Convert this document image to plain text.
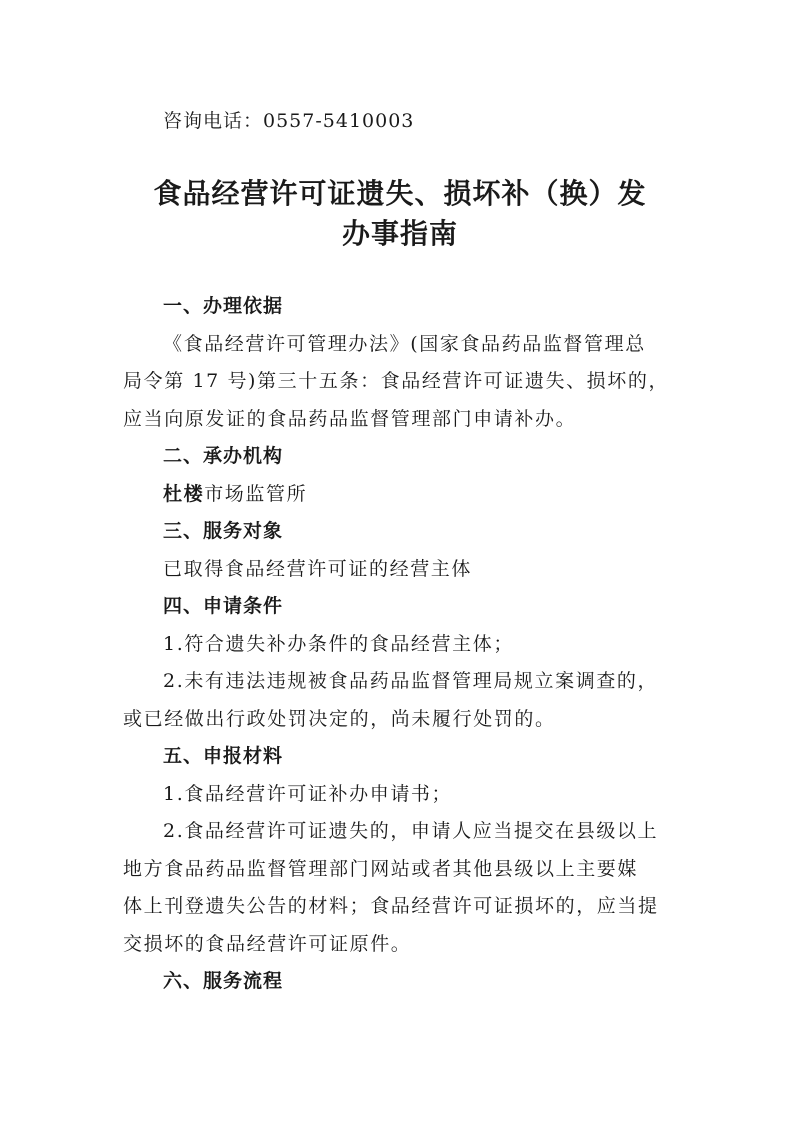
咨询电话：0557-5410003
食品经营许可证遗失、损坏补（换）发
办事指南
一、办理依据
《食品经营许可管理办法》(国家食品药品监督管理总
局令第 17 号)第三十五条：食品经营许可证遗失、损坏的，
应当向原发证的食品药品监督管理部门申请补办。
二、承办机构
杜楼市场监管所
三、服务对象
已取得食品经营许可证的经营主体
四、申请条件
1.符合遗失补办条件的食品经营主体；
2.未有违法违规被食品药品监督管理局规立案调查的，
或已经做出行政处罚决定的，尚未履行处罚的。
五、申报材料
1.食品经营许可证补办申请书；
2.食品经营许可证遗失的，申请人应当提交在县级以上
地方食品药品监督管理部门网站或者其他县级以上主要媒
体上刊登遗失公告的材料；食品经营许可证损坏的，应当提
交损坏的食品经营许可证原件。
六、服务流程
